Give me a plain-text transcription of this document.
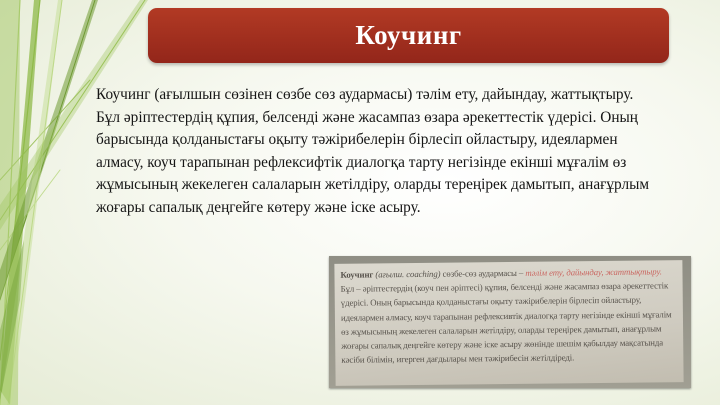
Коучинг

Коучинг (ағылшын сөзінен сөзбе сөз аудармасы) тәлім ету, дайындау, жаттықтыру. Бұл әріптестердің құпия, белсенді және жасампаз өзара әрекеттестік үдерісі. Оның барысында қолданыстағы оқыту тәжірибелерін бірлесіп ойластыру, идеялармен алмасу, коуч тарапынан рефлексифтік диалогқа тарту негізінде екінші мұғалім өз жұмысының жекелеген салаларын жетілдіру, оларды тереңірек дамытып, анағұрлым жоғары сапалық деңгейге көтеру және іске асыру.

Коучинг (ағылш. coaching) сөзбе-сөз аудармасы – тәлім ету, дайындау, жаттықтыру. Бұл – әріптестердің (коуч пен әріптесі) құпия, белсенді және жасампаз өзара әрекеттестік үдерісі. Оның барысында қолданыстағы оқыту тәжірибелерін бірлесіп ойластыру, идеялармен алмасу, коуч тарапынан рефлексивтік диалогқа тарту негізінде екінші мұғалім өз жұмысының жекелеген салаларын жетілдіру, оларды тереңірек дамытып, анағұрлым жоғары сапалық деңгейге көтеру және іске асыру жөнінде шешім қабылдау мақсатында кәсіби білімін, игерген дағдылары мен тәжірибесін жетілдіреді.
